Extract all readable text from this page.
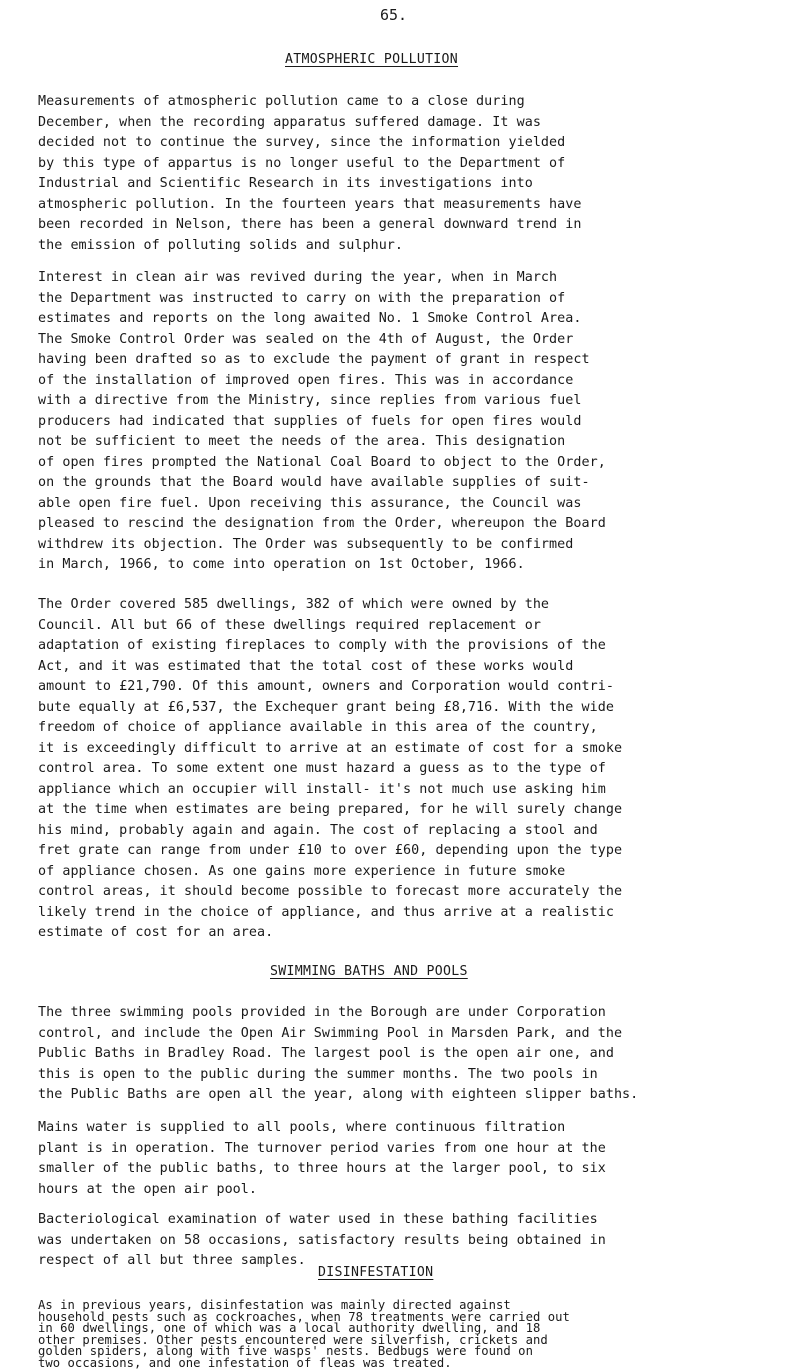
65.
ATMOSPHERIC POLLUTION
Measurements of atmospheric pollution came to a close during
December, when the recording apparatus suffered damage. It was
decided not to continue the survey, since the information yielded
by this type of appartus is no longer useful to the Department of
Industrial and Scientific Research in its investigations into
atmospheric pollution. In the fourteen years that measurements have
been recorded in Nelson, there has been a general downward trend in
the emission of polluting solids and sulphur.
Interest in clean air was revived during the year, when in March
the Department was instructed to carry on with the preparation of
estimates and reports on the long awaited No. 1 Smoke Control Area.
The Smoke Control Order was sealed on the 4th of August, the Order
having been drafted so as to exclude the payment of grant in respect
of the installation of improved open fires. This was in accordance
with a directive from the Ministry, since replies from various fuel
producers had indicated that supplies of fuels for open fires would
not be sufficient to meet the needs of the area. This designation
of open fires prompted the National Coal Board to object to the Order,
on the grounds that the Board would have available supplies of suit-
able open fire fuel. Upon receiving this assurance, the Council was
pleased to rescind the designation from the Order, whereupon the Board
withdrew its objection. The Order was subsequently to be confirmed
in March, 1966, to come into operation on 1st October, 1966.
The Order covered 585 dwellings, 382 of which were owned by the
Council. All but 66 of these dwellings required replacement or
adaptation of existing fireplaces to comply with the provisions of the
Act, and it was estimated that the total cost of these works would
amount to £21,790. Of this amount, owners and Corporation would contri-
bute equally at £6,537, the Exchequer grant being £8,716. With the wide
freedom of choice of appliance available in this area of the country,
it is exceedingly difficult to arrive at an estimate of cost for a smoke
control area. To some extent one must hazard a guess as to the type of
appliance which an occupier will install- it's not much use asking him
at the time when estimates are being prepared, for he will surely change
his mind, probably again and again. The cost of replacing a stool and
fret grate can range from under £10 to over £60, depending upon the type
of appliance chosen. As one gains more experience in future smoke
control areas, it should become possible to forecast more accurately the
likely trend in the choice of appliance, and thus arrive at a realistic
estimate of cost for an area.
SWIMMING BATHS AND POOLS
The three swimming pools provided in the Borough are under Corporation
control, and include the Open Air Swimming Pool in Marsden Park, and the
Public Baths in Bradley Road. The largest pool is the open air one, and
this is open to the public during the summer months. The two pools in
the Public Baths are open all the year, along with eighteen slipper baths.
Mains water is supplied to all pools, where continuous filtration
plant is in operation. The turnover period varies from one hour at the
smaller of the public baths, to three hours at the larger pool, to six
hours at the open air pool.
Bacteriological examination of water used in these bathing facilities
was undertaken on 58 occasions, satisfactory results being obtained in
respect of all but three samples.
DISINFESTATION
As in previous years, disinfestation was mainly directed against
household pests such as cockroaches, when 78 treatments were carried out
in 60 dwellings, one of which was a local authority dwelling, and 18
other premises. Other pests encountered were silverfish, crickets and
golden spiders, along with five wasps' nests. Bedbugs were found on
two occasions, and one infestation of fleas was treated.
